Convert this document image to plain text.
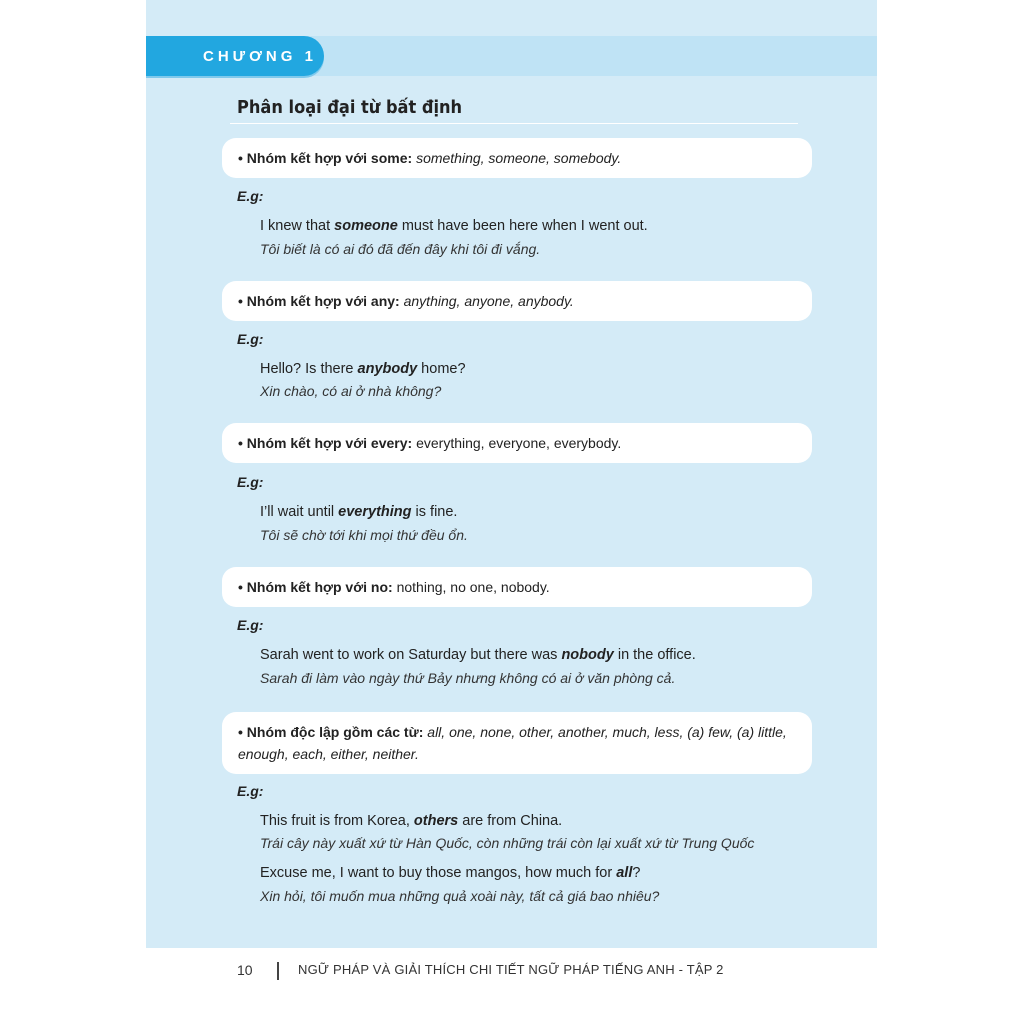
CHƯƠNG 1
Phân loại đại từ bất định
• Nhóm kết hợp với some: something, someone, somebody.
E.g:
I knew that someone must have been here when I went out.
Tôi biết là có ai đó đã đến đây khi tôi đi vắng.
• Nhóm kết hợp với any: anything, anyone, anybody.
E.g:
Hello? Is there anybody home?
Xin chào, có ai ở nhà không?
• Nhóm kết hợp với every: everything, everyone, everybody.
E.g:
I’ll wait until everything is fine.
Tôi sẽ chờ tới khi mọi thứ đều ổn.
• Nhóm kết hợp với no: nothing, no one, nobody.
E.g:
Sarah went to work on Saturday but there was nobody in the office.
Sarah đi làm vào ngày thứ Bảy nhưng không có ai ở văn phòng cả.
• Nhóm độc lập gồm các từ: all, one, none, other, another, much, less, (a) few, (a) little, enough, each, either, neither.
E.g:
This fruit is from Korea, others are from China.
Trái cây này xuất xứ từ Hàn Quốc, còn những trái còn lại xuất xứ từ Trung Quốc
Excuse me, I want to buy those mangos, how much for all?
Xin hỏi, tôi muốn mua những quả xoài này, tất cả giá bao nhiêu?
10	NGỮ PHÁP VÀ GIẢI THÍCH CHI TIẾT NGỮ PHÁP TIẾNG ANH - TẬP 2
